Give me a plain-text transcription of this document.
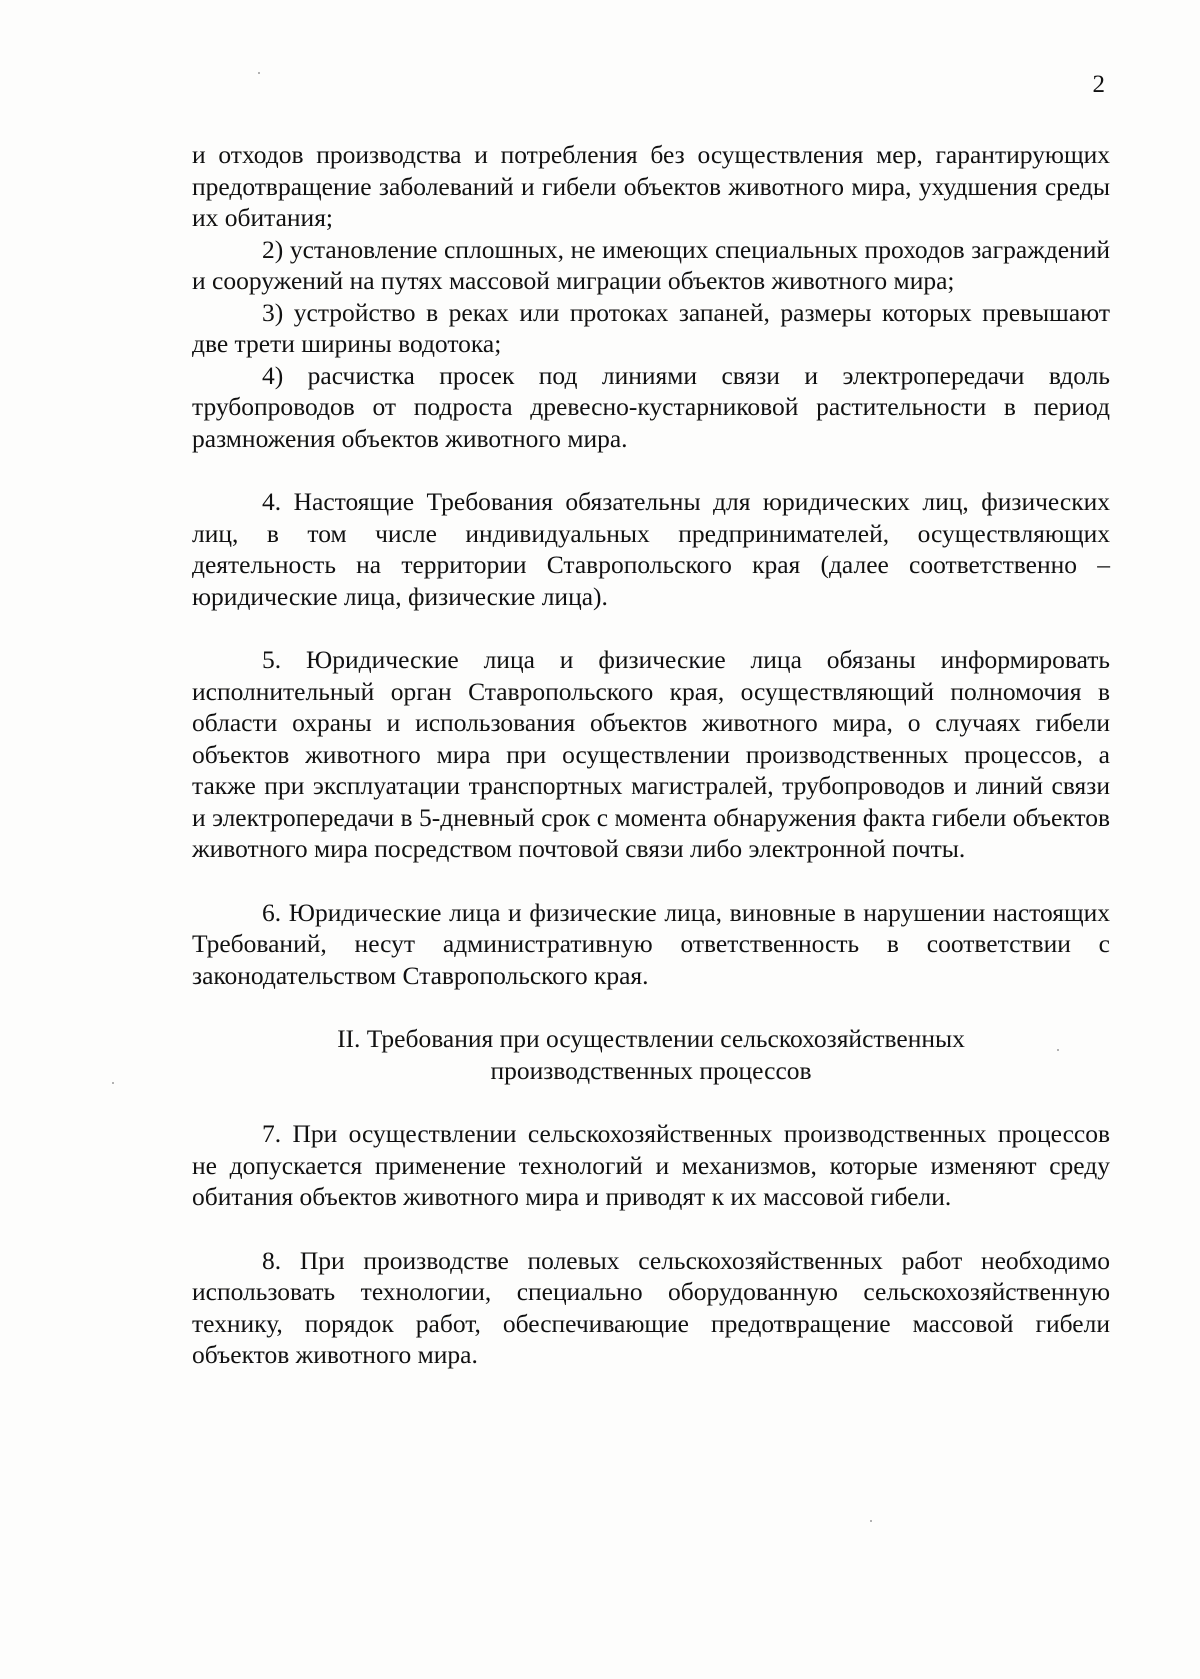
2

и отходов производства и потребления без осуществления мер, гарантирующих предотвращение заболеваний и гибели объектов животного мира, ухудшения среды их обитания;

2) установление сплошных, не имеющих специальных проходов заграждений и сооружений на путях массовой миграции объектов животного мира;

3) устройство в реках или протоках запаней, размеры которых превышают две трети ширины водотока;

4) расчистка просек под линиями связи и электропередачи вдоль трубопроводов от подроста древесно-кустарниковой растительности в период размножения объектов животного мира.

4. Настоящие Требования обязательны для юридических лиц, физических лиц, в том числе индивидуальных предпринимателей, осуществляющих деятельность на территории Ставропольского края (далее соответственно – юридические лица, физические лица).

5. Юридические лица и физические лица обязаны информировать исполнительный орган Ставропольского края, осуществляющий полномочия в области охраны и использования объектов животного мира, о случаях гибели объектов животного мира при осуществлении производственных процессов, а также при эксплуатации транспортных магистралей, трубопроводов и линий связи и электропередачи в 5-дневный срок с момента обнаружения факта гибели объектов животного мира посредством почтовой связи либо электронной почты.

6. Юридические лица и физические лица, виновные в нарушении настоящих Требований, несут административную ответственность в соответствии с законодательством Ставропольского края.

II. Требования при осуществлении сельскохозяйственных производственных процессов

7. При осуществлении сельскохозяйственных производственных процессов не допускается применение технологий и механизмов, которые изменяют среду обитания объектов животного мира и приводят к их массовой гибели.

8. При производстве полевых сельскохозяйственных работ необходимо использовать технологии, специально оборудованную сельскохозяйственную технику, порядок работ, обеспечивающие предотвращение массовой гибели объектов животного мира.
